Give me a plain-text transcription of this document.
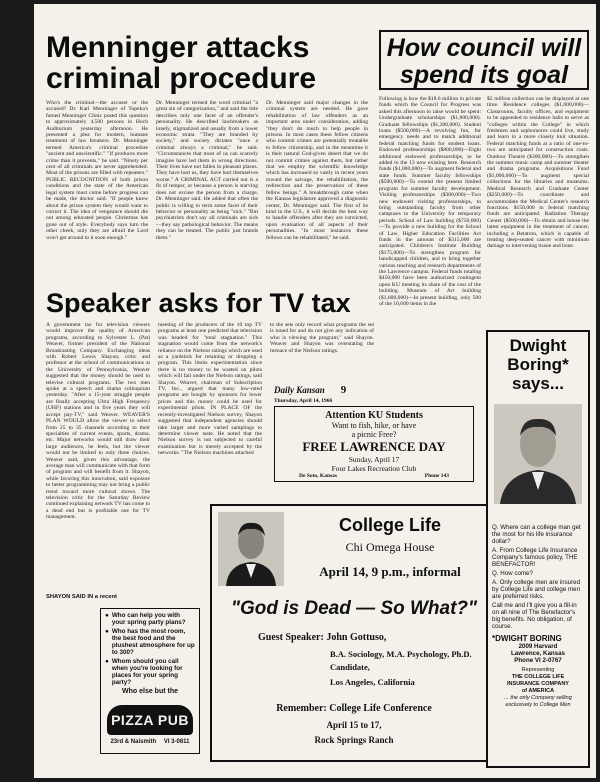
Menninger attacks criminal procedure

Who's the criminal—the accuser or the accused? Dr. Karl Menninger of Topeka's famed Menninger Clinic posed this question to approximately 4,500 persons in Hoch Auditorium yesterday afternoon. He presented a plea for modern, humane treatment of law breakers. Dr. Menninger termed America's criminal procedure "ancient and unscientific." "If produces more crime than it prevents," he said. "Ninety per cent of all criminals are never apprehended. Most of the prisons are filled with repeaters." PUBLIC RECOGNITION of both prison conditions and the state of the American legal system must come before progress can be made, the doctor said. "If people knew about the prison system they would want to correct it. The idea of vengeance should die out among educated people. Christmas has gone out of style. Everybody says turn the other cheek, only they are afraid the Lord won't get around to it soon enough."

Dr. Menninger termed the word criminal "a great sin of categorization," and said the title describes only one facet of an offender's personality. He described lawbreakers as lonely, stigmatized and usually from a lower economic strata. "They are branded by society," and society dictates "once a criminal always a criminal," he said. "Circumstances that most of us can scarcely imagine have led them in wrong directions. Their lives have not fallen in pleasant places. They have hurt us, they have hurt themselves worse." A CRIMINAL ACT carried out is a fit of temper, or because a person is starving does not excuse the person from a charge, Dr. Menninger said. He added that often the public is willing to term some facet of their behavior or personality as being "sick." "But psychiatrists don't say all criminals are sick—they say pathological behavior. The means they can be treated. The public just brands them."

Dr. Menninger said major changes in the criminal system are needed. He gave rehabilitation of law offenders as an important area under consideration, adding "they don't do much to help people in prisons. In most cases these fellow citizens who commit crimes are potentially treatable to fellow citizenship, and in the meantime it is their natural God-given desert that we do not commit crimes against them, but rather that we employ the scientific knowledge which has increased so vastly in recent years toward the salvage, the rehabilitation, the redirection and the preservation of these fellow beings." A breakthrough came when the Kansas legislature approved a diagnostic center, Dr. Menninger said. The first of its kind in the U.S., it will decide the best way to handle offenders after they are convicted, upon evaluation of all aspects of their personalities. "In most instances these fellows can be rehabilitated," he said.

How council will spend its goal

Following is how the $18.6 million in private funds which the Council for Progress was asked this afternoon to raise would be spent: Undergraduate scholarships ($1,800,000). Graduate fellowships ($1,200,000). Student loans ($500,000)—A revolving fun, for emergency needs and to match additional federal matching funds for student loans. Endowed professorships ($800,000)—Eight additional endowed professorships, to be added to the 13 now existing here. Research funds ($1,000,000)—To augment federal and state funds. Summer faculty fellowships ($500,000)—To extend the present limited program for summer faculty development. Visiting professorships ($300,000)—Two new endowed visiting professorships, to bring outstanding faculty from other campuses to the University for temporary periods. School of Law building ($750,000)—To provide a new building for the School of Law. Higher Education Facilities Act funds in the amount of $315,000 are anticipated. Children's Institute Building ($175,000)—To strengthen program for handicapped children, and to bring together various teaching and research departments of the Lawrence campus. Federal funds totaling $450,000 have been authorized contingent upon KU meeting its share of the cost of the building. Museum of Art building ($1,600,000)—In present building, only 500 of the 10,600 items in the

$2 million collection can be displayed at one time. Residence colleges ($1,000,000)—Classrooms, faculty offices, and equipment to be appended to residence halls to serve as "colleges within the College" in which freshmen and sophomores could live, study and learn in a more closely knit situation. Federal matching funds at a ratio of one-to-two are anticipated for construction costs. Outdoor Theatre ($300,000)—To strengthen the summer music camp and summer theater and drama programs. Acquisitions Fund ($1,000,000)—To augment special collections for the libraries and museums. Medical Research and Graduate Center ($250,000)—To coordinate and accommodate the Medical Center's research functions. $150,000 in federal matching funds are anticipated. Radiation Therapy Center ($500,000)—To obtain and house the latest equipment in the treatment of cancer, including a Betatron, which is capable of treating deep-seated cancer with minimum damage to intervening tissue and bone.

Speaker asks for TV tax

A government tax for television viewers would improve the quality of American programs, according to Sylvester L. (Pat) Weaver, former president of the National Broadcasting Company. Exchanging ideas with Robert Lewis Shayon, critic and professor at the school of communications at the University of Pennsylvania, Weaver suggested that the money should be used to televise cultural programs. The two men spoke at a speech and drama colloquium yesterday. "After a 15-year struggle people are finally accepting Ultra High Frequency (UHF) stations and in five years they will accept pay-TV," said Weaver. WEAVER'S PLAN WOULD allow the viewer to select from 25 to 35 channels according to their specialties of current events, sports, drama, etc. Major networks would still draw their large audiences, he feels, but the viewer would not be limited to only three choices. Weaver said, given this advantage, the average man will communicate with that form of program and will benefit from it. Shayon, while favoring this innovation, said exposure to better programming may not bring a public trend toward more cultural shows. The television critic for the Saturday Review continued explaining network TV has come to a dead end but is profitable one for TV management.

SHAYON SAID IN a recent

meeting of the producers of the 10 top TV programs at least one predicted that television was headed for "total stagnation." This stagnation would come from the network's reliance on the Nielson ratings which are used as a yardstick for retaining or dropping a program. This limits experimentation since there is no money to be wasted on pilots which will fail under the Nielson ratings, said Shayon. Weaver, chairman of Subscription TV, Inc., argued that many low-rated programs are bought by sponsors for lower prices and this money could be used for experimental pilots. IN PLACE OF the recently-investigated Nielson survey, Shayon suggested that independent agencies should take larger and more varied samplings to determine viewer taste. He noted that the Nielson survey is not subjected to careful examination but is merely accepted by the networks. "The Nielson machines attached

to the sets only record what programs the set is tuned for and do not give any indication of who is viewing the program," said Shayon. Weaver and Shayon was overstating the menace of the Nielson ratings.

Daily Kansan 9
Thursday, April 14, 1966

Attention KU Students

Want to fish, hike, or have

a picnic Free?

FREE LAWRENCE DAY

Sunday, April 17

Four Lakes Recreation Club

De Soto, Kansas	Phone 143
● Who can help you with your spring party plans?
● Who has the most room, the best food and the plushest atmosphere for up to 300?
● Whom should you call when you're looking for places for your spring party?
Who else but the
PIZZA PUB
23rd & Naismith VI 3-0611
College Life
Chi Omega House
April 14, 9 p.m., informal
"God is Dead — So What?"
Guest Speaker: John Gottuso,
B.A. Sociology, M.A. Psychology, Ph.D. Candidate,
Los Angeles, California
Remember: College Life Conference
April 15 to 17,
Rock Springs Ranch
Dwight
Boring*
says...

Q. Where can a college man get the most for his life insurance dollar?

A. From College Life Insurance Company's famous policy, THE BENEFACTOR!

Q. How come?

A. Only college men are insured by College Life and college men are preferred risks.

Call me and I'll give you a fill-in on all nine of The Benefactor's big benefits. No obligation, of course.

*DWIGHT BORING

2009 Harvard

Lawrence, Kansas

Phone VI 2-0767

Representing

THE COLLEGE LIFE

INSURANCE COMPANY

of AMERICA

... the only Company selling exclusively to College Men
